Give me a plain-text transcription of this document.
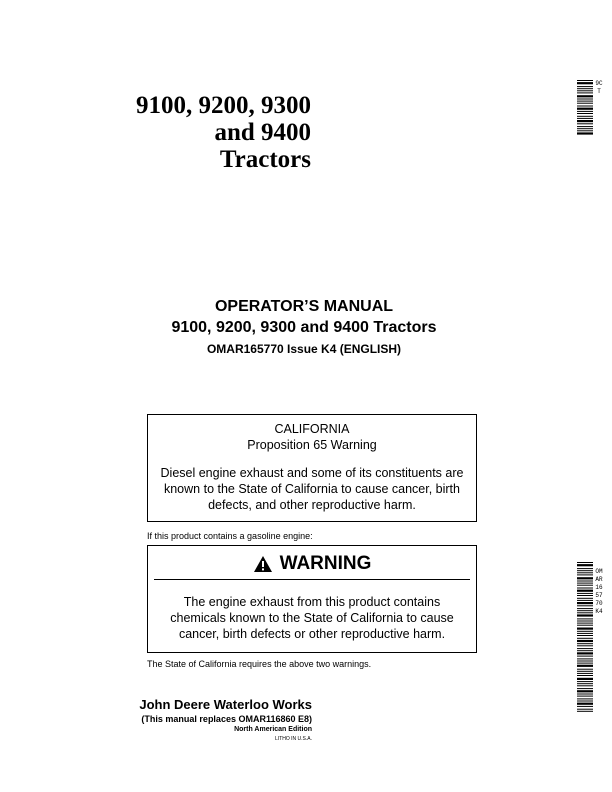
9100, 9200, 9300
and 9400
Tractors
OPERATOR’S MANUAL
9100, 9200, 9300 and 9400 Tractors
OMAR165770 Issue K4 (ENGLISH)
CALIFORNIA
Proposition 65 Warning
Diesel engine exhaust and some of its constituents are known to the State of California to cause cancer, birth defects, and other reproductive harm.
If this product contains a gasoline engine:
WARNING
The engine exhaust from this product contains chemicals known to the State of California to cause cancer, birth defects or other reproductive harm.
The State of California requires the above two warnings.
John Deere Waterloo Works
(This manual replaces OMAR116860 E8)
North American Edition
LITHO IN U.S.A.
9CT
OMAR165770K4
